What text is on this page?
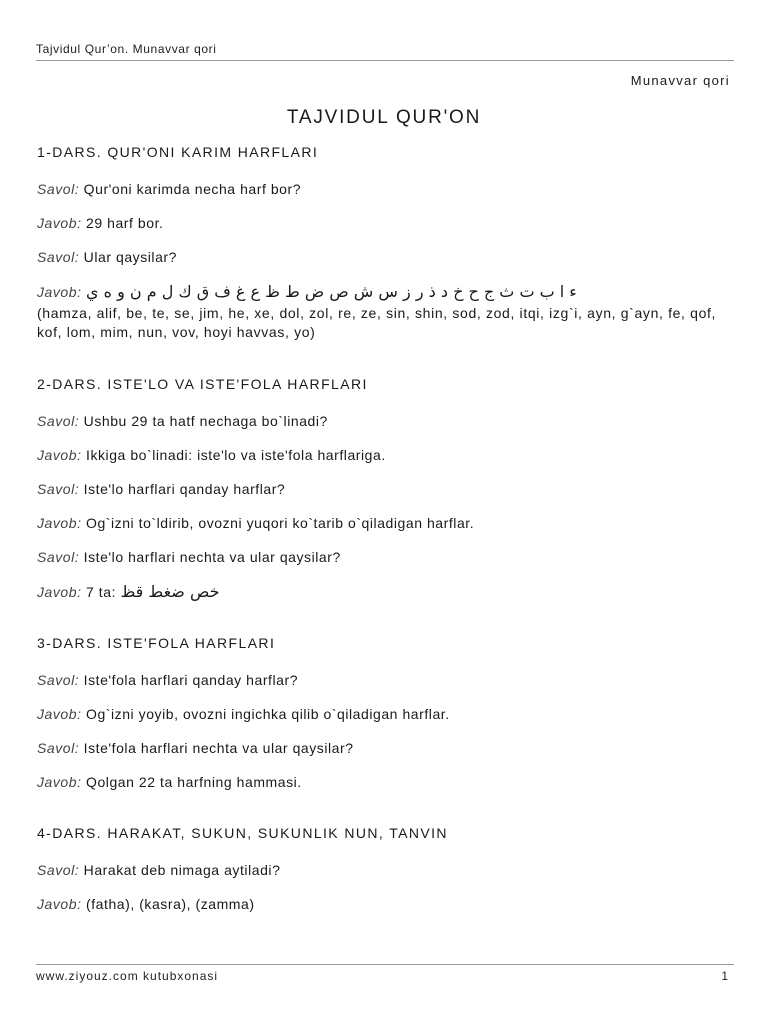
Tajvidul Qur’on. Munavvar qori
Munavvar qori
TAJVIDUL QUR'ON
1-DARS. QUR'ONI KARIM HARFLARI

Savol: Qur'oni karimda necha harf bor?

Javob: 29 harf bor.

Savol: Ular qaysilar?

Javob: ء ا ب ت ث ج ح خ د ذ ر ز س ش ص ض ط ظ ع غ ف ق ك ل م ن و ه ي

(hamza, alif, be, te, se, jim, he, xe, dol, zol, re, ze, sin, shin, sod, zod, itqi, izg`i, ayn, g`ayn, fe, qof, kof, lom, mim, nun, vov, hoyi havvas, yo)

2-DARS. ISTE'LO VA ISTE'FOLA HARFLARI

Savol: Ushbu 29 ta hatf nechaga bo`linadi?

Javob: Ikkiga bo`linadi: iste'lo va iste'fola harflariga.

Savol: Iste'lo harflari qanday harflar?

Javob: Og`izni to`ldirib, ovozni yuqori ko`tarib o`qiladigan harflar.

Savol: Iste'lo harflari nechta va ular qaysilar?

Javob: 7 ta: خص ضغط قظ

3-DARS. ISTE'FOLA HARFLARI

Savol: Iste'fola harflari qanday harflar?

Javob: Og`izni yoyib, ovozni ingichka qilib o`qiladigan harflar.

Savol: Iste'fola harflari nechta va ular qaysilar?

Javob: Qolgan 22 ta harfning hammasi.

4-DARS. HARAKAT, SUKUN, SUKUNLIK NUN, TANVIN

Savol: Harakat deb nimaga aytiladi?

Javob: (fatha), (kasra), (zamma)

www.ziyouz.com kutubxonasi	1
